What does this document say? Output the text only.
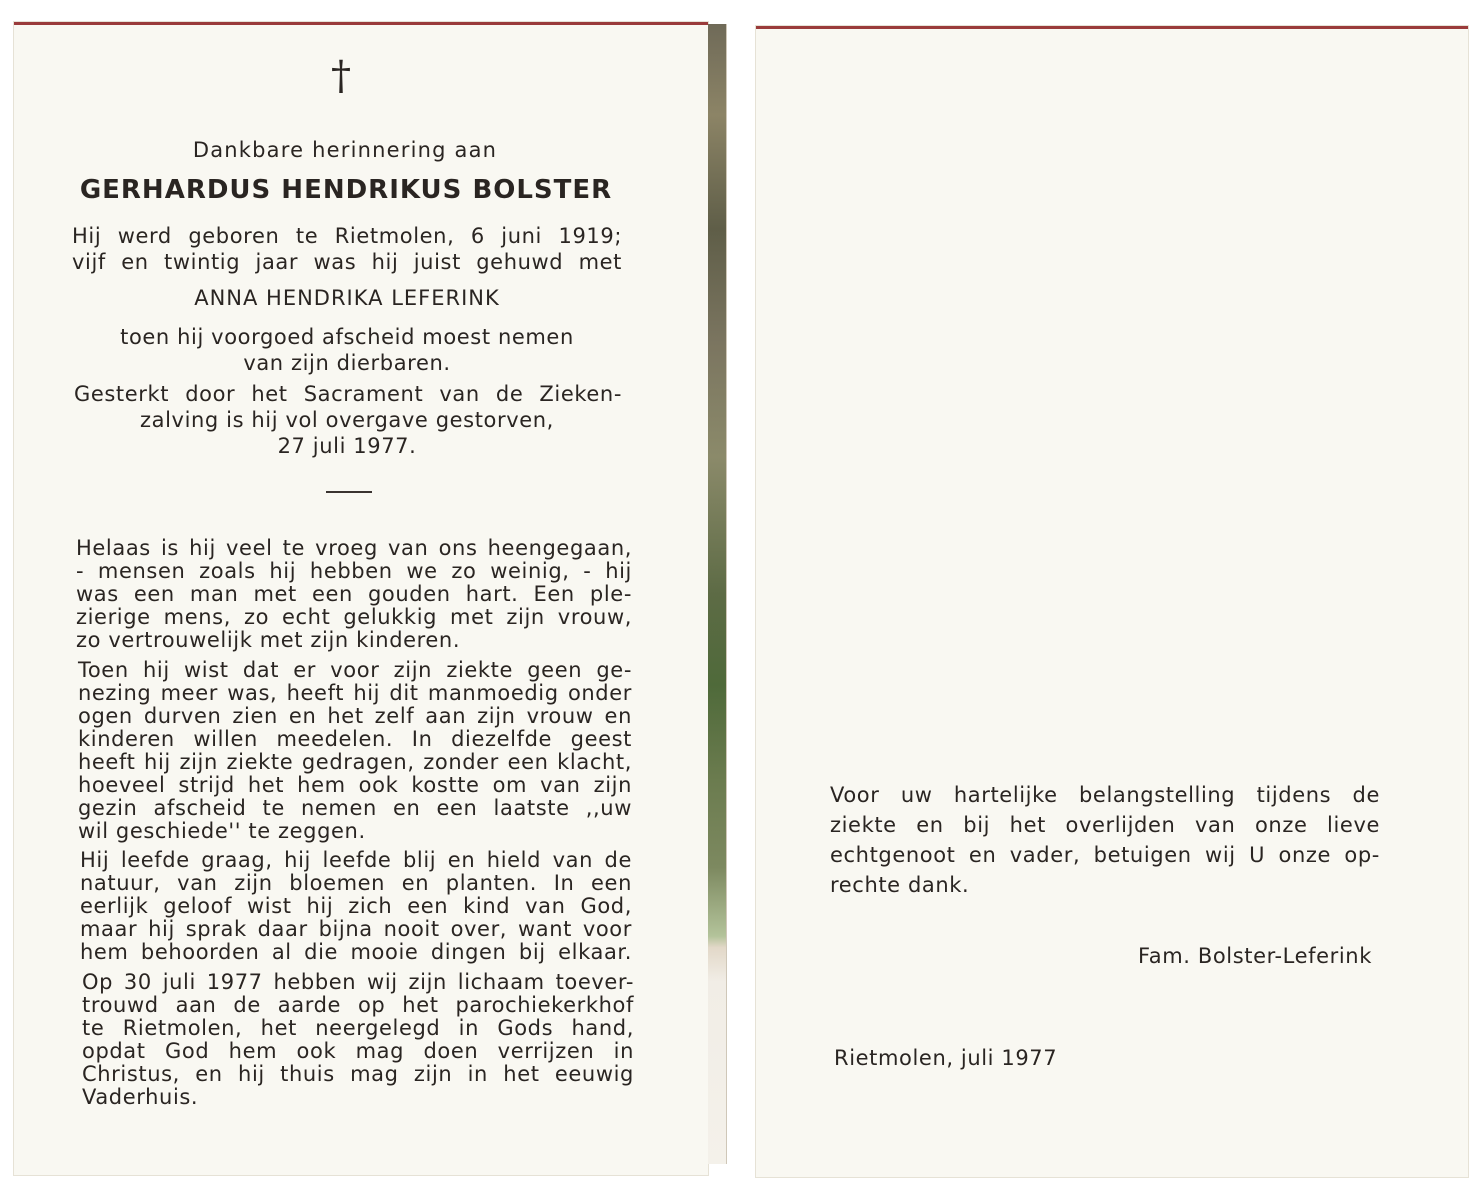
†
Dankbare herinnering aan
GERHARDUS HENDRIKUS BOLSTER
Hij werd geboren te Rietmolen, 6 juni 1919;
vijf en twintig jaar was hij juist gehuwd met
ANNA HENDRIKA LEFERINK
toen hij voorgoed afscheid moest nemen
van zijn dierbaren.
Gesterkt door het Sacrament van de Zieken-
zalving is hij vol overgave gestorven,
27 juli 1977.
Helaas is hij veel te vroeg van ons heengegaan,
- mensen zoals hij hebben we zo weinig, - hij
was een man met een gouden hart. Een ple-
zierige mens, zo echt gelukkig met zijn vrouw,
zo vertrouwelijk met zijn kinderen.
Toen hij wist dat er voor zijn ziekte geen ge-
nezing meer was, heeft hij dit manmoedig onder
ogen durven zien en het zelf aan zijn vrouw en
kinderen willen meedelen. In diezelfde geest
heeft hij zijn ziekte gedragen, zonder een klacht,
hoeveel strijd het hem ook kostte om van zijn
gezin afscheid te nemen en een laatste ,,uw
wil geschiede'' te zeggen.
Hij leefde graag, hij leefde blij en hield van de
natuur, van zijn bloemen en planten. In een
eerlijk geloof wist hij zich een kind van God,
maar hij sprak daar bijna nooit over, want voor
hem behoorden al die mooie dingen bij elkaar.
Op 30 juli 1977 hebben wij zijn lichaam toever-
trouwd aan de aarde op het parochiekerkhof
te Rietmolen, het neergelegd in Gods hand,
opdat God hem ook mag doen verrijzen in
Christus, en hij thuis mag zijn in het eeuwig
Vaderhuis.
Voor uw hartelijke belangstelling tijdens de
ziekte en bij het overlijden van onze lieve
echtgenoot en vader, betuigen wij U onze op-
rechte dank.
Fam. Bolster-Leferink
Rietmolen, juli 1977
